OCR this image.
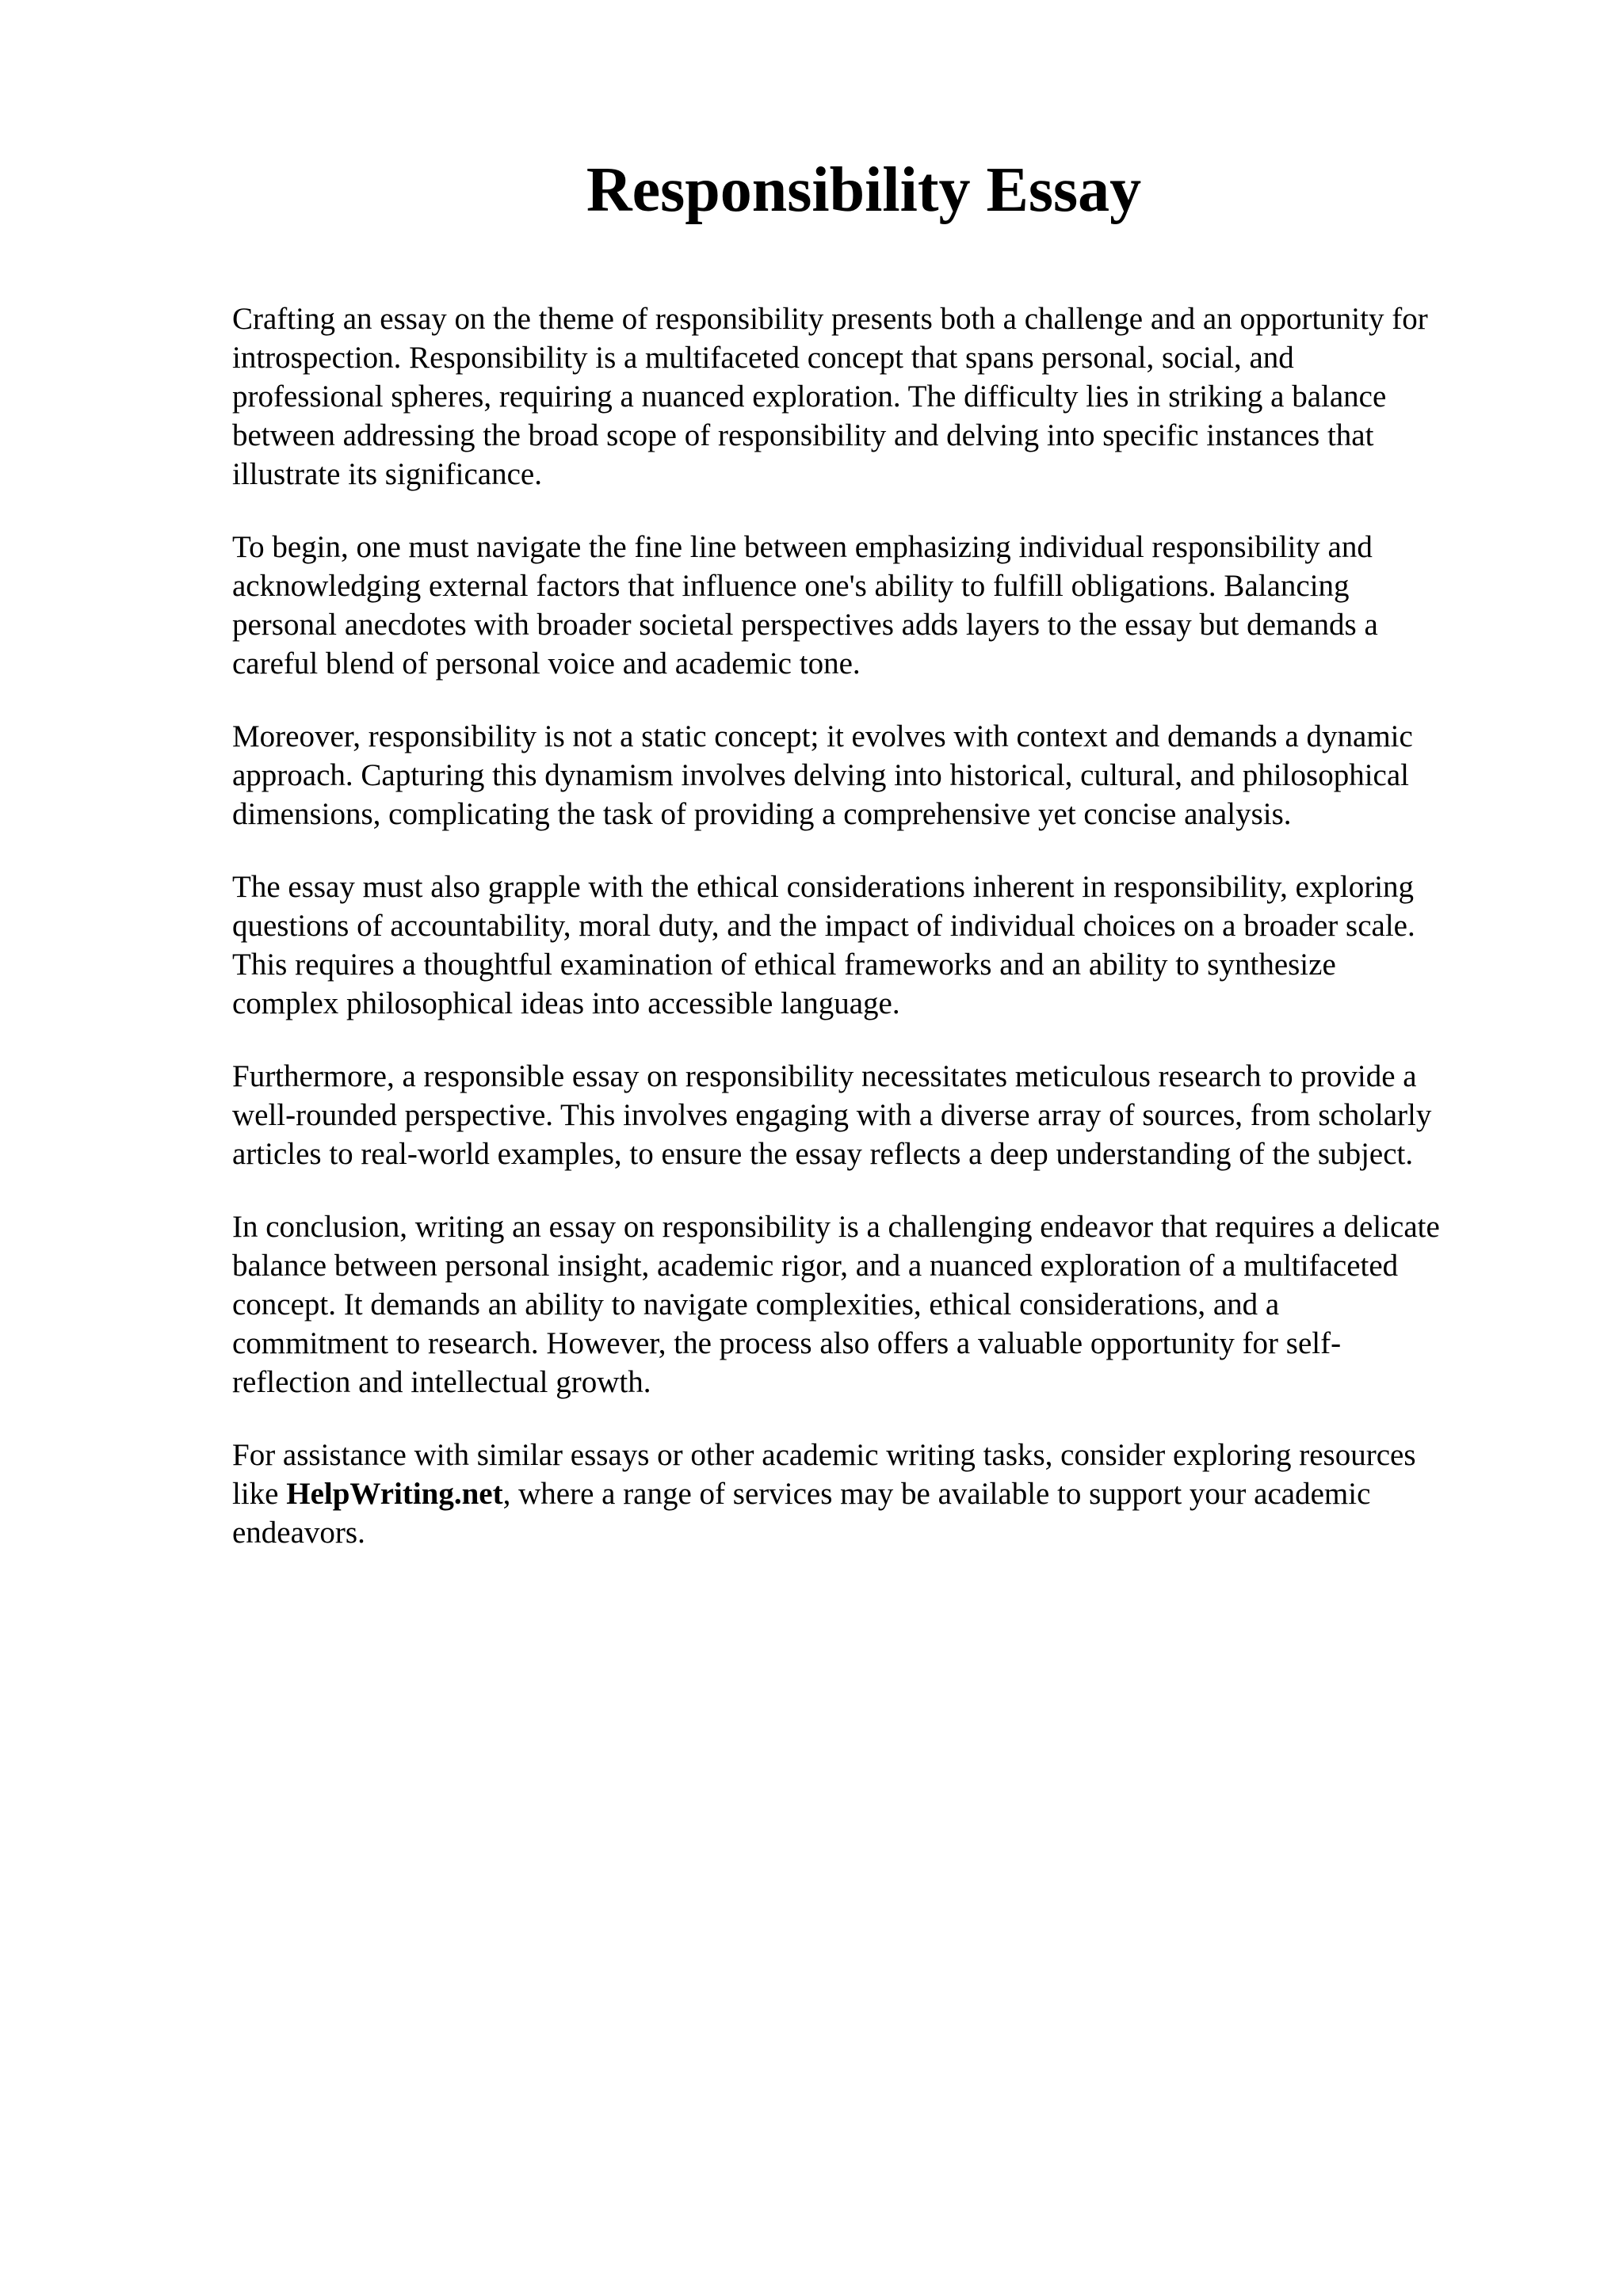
Responsibility Essay

Crafting an essay on the theme of responsibility presents both a challenge and an opportunity for
introspection. Responsibility is a multifaceted concept that spans personal, social, and
professional spheres, requiring a nuanced exploration. The difficulty lies in striking a balance
between addressing the broad scope of responsibility and delving into specific instances that
illustrate its significance.

To begin, one must navigate the fine line between emphasizing individual responsibility and
acknowledging external factors that influence one's ability to fulfill obligations. Balancing
personal anecdotes with broader societal perspectives adds layers to the essay but demands a
careful blend of personal voice and academic tone.

Moreover, responsibility is not a static concept; it evolves with context and demands a dynamic
approach. Capturing this dynamism involves delving into historical, cultural, and philosophical
dimensions, complicating the task of providing a comprehensive yet concise analysis.

The essay must also grapple with the ethical considerations inherent in responsibility, exploring
questions of accountability, moral duty, and the impact of individual choices on a broader scale.
This requires a thoughtful examination of ethical frameworks and an ability to synthesize
complex philosophical ideas into accessible language.

Furthermore, a responsible essay on responsibility necessitates meticulous research to provide a
well-rounded perspective. This involves engaging with a diverse array of sources, from scholarly
articles to real-world examples, to ensure the essay reflects a deep understanding of the subject.

In conclusion, writing an essay on responsibility is a challenging endeavor that requires a delicate
balance between personal insight, academic rigor, and a nuanced exploration of a multifaceted
concept. It demands an ability to navigate complexities, ethical considerations, and a
commitment to research. However, the process also offers a valuable opportunity for self-
reflection and intellectual growth.

For assistance with similar essays or other academic writing tasks, consider exploring resources
like HelpWriting.net, where a range of services may be available to support your academic
endeavors.
